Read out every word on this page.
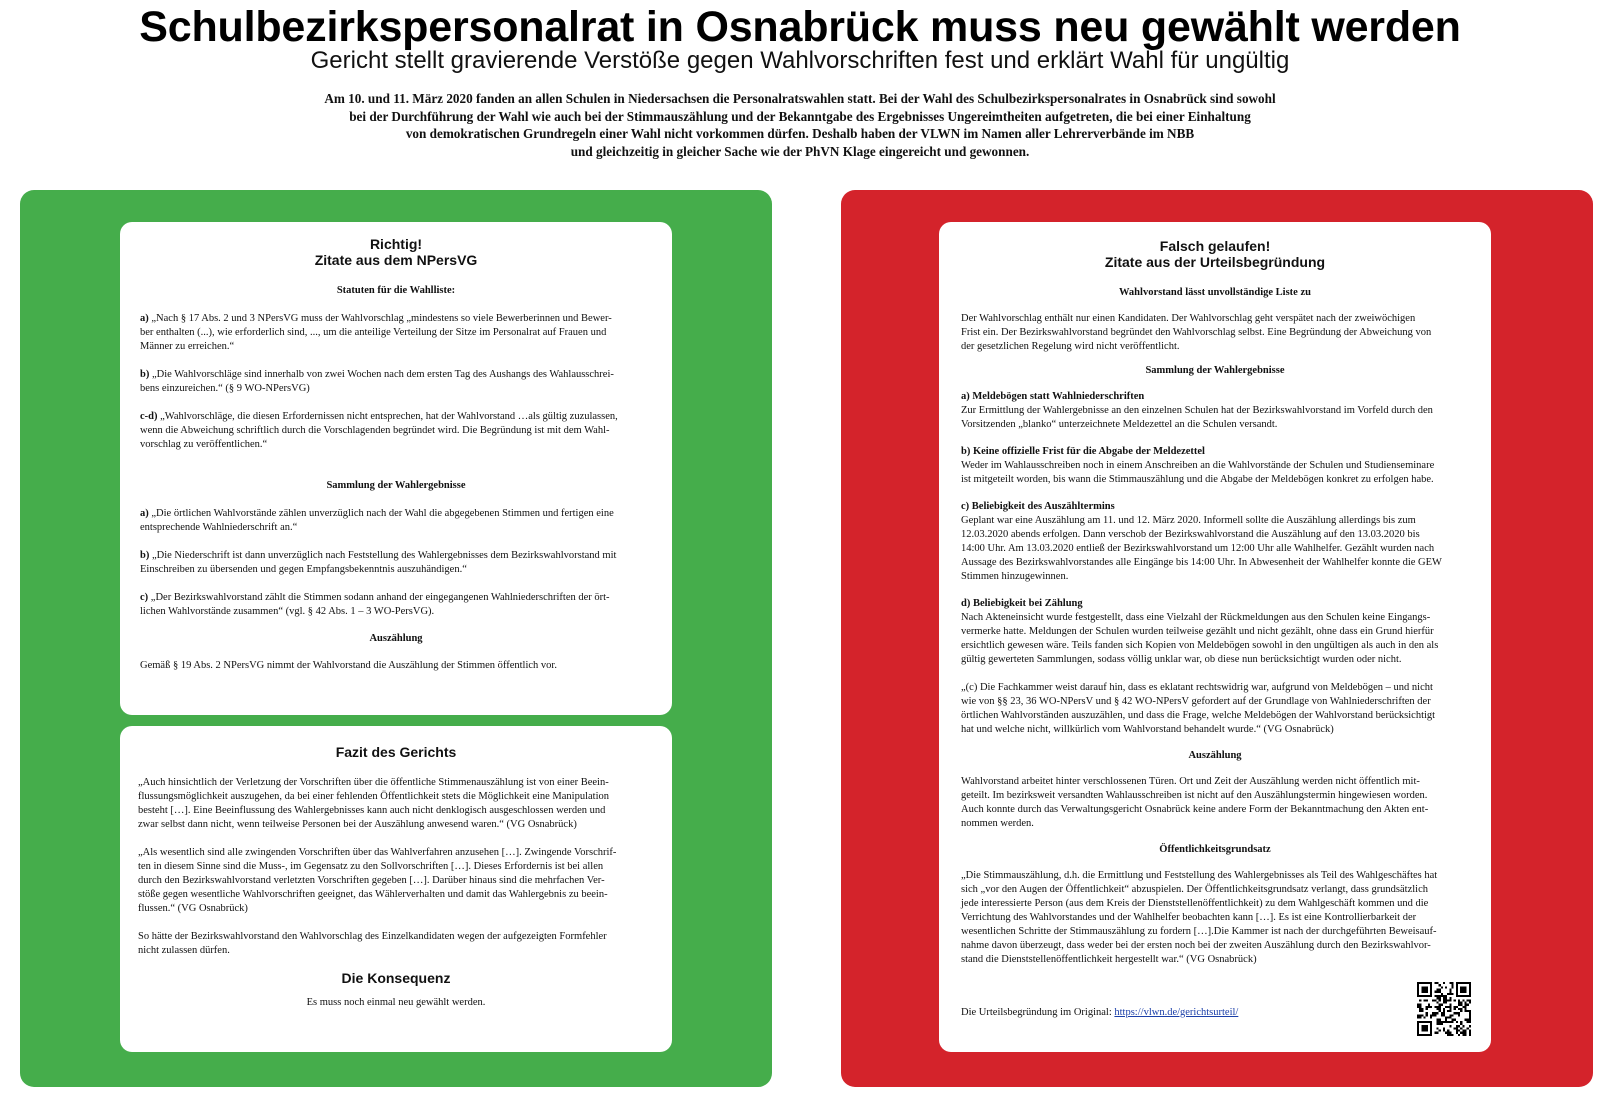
Schulbezirkspersonalrat in Osnabrück muss neu gewählt werden
Gericht stellt gravierende Verstöße gegen Wahlvorschriften fest und erklärt Wahl für ungültig
Am 10. und 11. März 2020 fanden an allen Schulen in Niedersachsen die Personalratswahlen statt. Bei der Wahl des Schulbezirkspersonalrates in Osnabrück sind sowohl
bei der Durchführung der Wahl wie auch bei der Stimmauszählung und der Bekanntgabe des Ergebnisses Ungereimtheiten aufgetreten, die bei einer Einhaltung
von demokratischen Grundregeln einer Wahl nicht vorkommen dürfen. Deshalb haben der VLWN im Namen aller Lehrerverbände im NBB
und gleichzeitig in gleicher Sache wie der PhVN Klage eingereicht und gewonnen.
Richtig!
Zitate aus dem NPersVG
Statuten für die Wahlliste:
a) „Nach § 17 Abs. 2 und 3 NPersVG muss der Wahlvorschlag „mindestens so viele Bewerberinnen und Bewer-
ber enthalten (...), wie erforderlich sind, ..., um die anteilige Verteilung der Sitze im Personalrat auf Frauen und
Männer zu erreichen.“
b) „Die Wahlvorschläge sind innerhalb von zwei Wochen nach dem ersten Tag des Aushangs des Wahlausschrei-
bens einzureichen.“ (§ 9 WO-NPersVG)
c-d) „Wahlvorschläge, die diesen Erfordernissen nicht entsprechen, hat der Wahlvorstand …als gültig zuzulassen,
wenn die Abweichung schriftlich durch die Vorschlagenden begründet wird. Die Begründung ist mit dem Wahl-
vorschlag zu veröffentlichen.“
Sammlung der Wahlergebnisse
a) „Die örtlichen Wahlvorstände zählen unverzüglich nach der Wahl die abgegebenen Stimmen und fertigen eine
entsprechende Wahlniederschrift an.“
b) „Die Niederschrift ist dann unverzüglich nach Feststellung des Wahlergebnisses dem Bezirkswahlvorstand mit
Einschreiben zu übersenden und gegen Empfangsbekenntnis auszuhändigen.“
c) „Der Bezirkswahlvorstand zählt die Stimmen sodann anhand der eingegangenen Wahlniederschriften der ört-
lichen Wahlvorstände zusammen“ (vgl. § 42 Abs. 1 – 3 WO-PersVG).
Auszählung
Gemäß § 19 Abs. 2 NPersVG nimmt der Wahlvorstand die Auszählung der Stimmen öffentlich vor.
Fazit des Gerichts
„Auch hinsichtlich der Verletzung der Vorschriften über die öffentliche Stimmenauszählung ist von einer Beein-
flussungsmöglichkeit auszugehen, da bei einer fehlenden Öffentlichkeit stets die Möglichkeit eine Manipulation
besteht […]. Eine Beeinflussung des Wahlergebnisses kann auch nicht denklogisch ausgeschlossen werden und
zwar selbst dann nicht, wenn teilweise Personen bei der Auszählung anwesend waren.“ (VG Osnabrück)
„Als wesentlich sind alle zwingenden Vorschriften über das Wahlverfahren anzusehen […]. Zwingende Vorschrif-
ten in diesem Sinne sind die Muss-, im Gegensatz zu den Sollvorschriften […]. Dieses Erfordernis ist bei allen
durch den Bezirkswahlvorstand verletzten Vorschriften gegeben […]. Darüber hinaus sind die mehrfachen Ver-
stöße gegen wesentliche Wahlvorschriften geeignet, das Wählerverhalten und damit das Wahlergebnis zu beein-
flussen.“ (VG Osnabrück)
So hätte der Bezirkswahlvorstand den Wahlvorschlag des Einzelkandidaten wegen der aufgezeigten Formfehler
nicht zulassen dürfen.
Die Konsequenz
Es muss noch einmal neu gewählt werden.
Falsch gelaufen!
Zitate aus der Urteilsbegründung
Wahlvorstand lässt unvollständige Liste zu
Der Wahlvorschlag enthält nur einen Kandidaten. Der Wahlvorschlag geht verspätet nach der zweiwöchigen
Frist ein. Der Bezirkswahlvorstand begründet den Wahlvorschlag selbst. Eine Begründung der Abweichung von
der gesetzlichen Regelung wird nicht veröffentlicht.
Sammlung der Wahlergebnisse
a) Meldebögen statt Wahlniederschriften
Zur Ermittlung der Wahlergebnisse an den einzelnen Schulen hat der Bezirkswahlvorstand im Vorfeld durch den
Vorsitzenden „blanko“ unterzeichnete Meldezettel an die Schulen versandt.
b) Keine offizielle Frist für die Abgabe der Meldezettel
Weder im Wahlausschreiben noch in einem Anschreiben an die Wahlvorstände der Schulen und Studienseminare
ist mitgeteilt worden, bis wann die Stimmauszählung und die Abgabe der Meldebögen konkret zu erfolgen habe.
c) Beliebigkeit des Auszähltermins
Geplant war eine Auszählung am 11. und 12. März 2020. Informell sollte die Auszählung allerdings bis zum
12.03.2020 abends erfolgen. Dann verschob der Bezirkswahlvorstand die Auszählung auf den 13.03.2020 bis
14:00 Uhr. Am 13.03.2020 entließ der Bezirkswahlvorstand um 12:00 Uhr alle Wahlhelfer. Gezählt wurden nach
Aussage des Bezirkswahlvorstandes alle Eingänge bis 14:00 Uhr. In Abwesenheit der Wahlhelfer konnte die GEW
Stimmen hinzugewinnen.
d) Beliebigkeit bei Zählung
Nach Akteneinsicht wurde festgestellt, dass eine Vielzahl der Rückmeldungen aus den Schulen keine Eingangs-
vermerke hatte. Meldungen der Schulen wurden teilweise gezählt und nicht gezählt, ohne dass ein Grund hierfür
ersichtlich gewesen wäre. Teils fanden sich Kopien von Meldebögen sowohl in den ungültigen als auch in den als
gültig gewerteten Sammlungen, sodass völlig unklar war, ob diese nun berücksichtigt wurden oder nicht.
„(c) Die Fachkammer weist darauf hin, dass es eklatant rechtswidrig war, aufgrund von Meldebögen – und nicht
wie von §§ 23, 36 WO-NPersV und § 42 WO-NPersV gefordert auf der Grundlage von Wahlniederschriften der
örtlichen Wahlvorständen auszuzählen, und dass die Frage, welche Meldebögen der Wahlvorstand berücksichtigt
hat und welche nicht, willkürlich vom Wahlvorstand behandelt wurde.“ (VG Osnabrück)
Auszählung
Wahlvorstand arbeitet hinter verschlossenen Türen. Ort und Zeit der Auszählung werden nicht öffentlich mit-
geteilt. Im bezirksweit versandten Wahlausschreiben ist nicht auf den Auszählungstermin hingewiesen worden.
Auch konnte durch das Verwaltungsgericht Osnabrück keine andere Form der Bekanntmachung den Akten ent-
nommen werden.
Öffentlichkeitsgrundsatz
„Die Stimmauszählung, d.h. die Ermittlung und Feststellung des Wahlergebnisses als Teil des Wahlgeschäftes hat
sich „vor den Augen der Öffentlichkeit“ abzuspielen. Der Öffentlichkeitsgrundsatz verlangt, dass grundsätzlich
jede interessierte Person (aus dem Kreis der Dienststellenöffentlichkeit) zu dem Wahlgeschäft kommen und die
Verrichtung des Wahlvorstandes und der Wahlhelfer beobachten kann […]. Es ist eine Kontrollierbarkeit der
wesentlichen Schritte der Stimmauszählung zu fordern […].Die Kammer ist nach der durchgeführten Beweisauf-
nahme davon überzeugt, dass weder bei der ersten noch bei der zweiten Auszählung durch den Bezirkswahlvor-
stand die Dienststellenöffentlichkeit hergestellt war.“ (VG Osnabrück)
Die Urteilsbegründung im Original: https://vlwn.de/gerichtsurteil/
